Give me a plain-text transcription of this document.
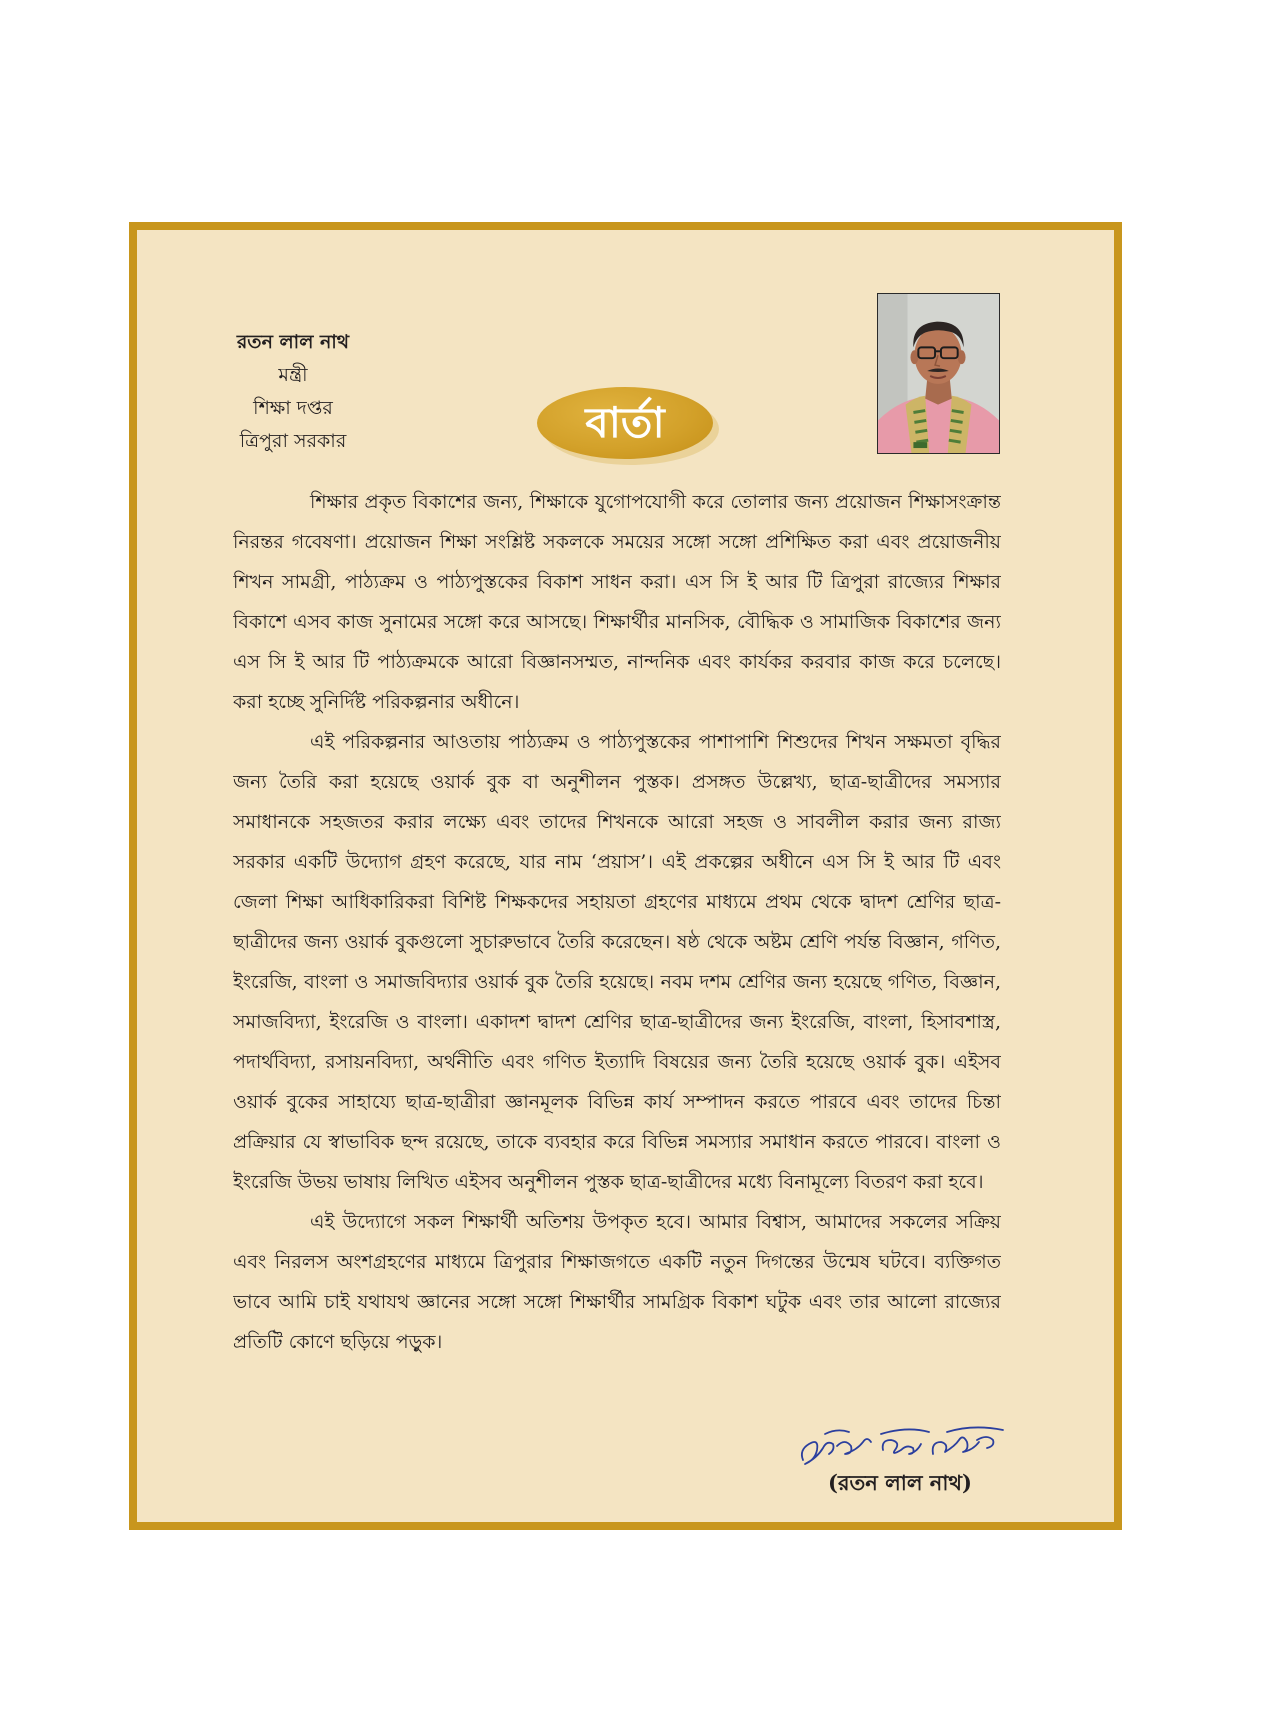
রতন লাল নাথ
মন্ত্রী
শিক্ষা দপ্তর
ত্রিপুরা সরকার	বার্তা

শিক্ষার প্রকৃত বিকাশের জন্য, শিক্ষাকে যুগোপযোগী করে তোলার জন্য প্রয়োজন শিক্ষাসংক্রান্ত নিরন্তর গবেষণা। প্রয়োজন শিক্ষা সংশ্লিষ্ট সকলকে সময়ের সঙ্গো সঙ্গো প্রশিক্ষিত করা এবং প্রয়োজনীয় শিখন সামগ্রী, পাঠ্যক্রম ও পাঠ্যপুস্তকের বিকাশ সাধন করা। এস সি ই আর টি ত্রিপুরা রাজ্যের শিক্ষার বিকাশে এসব কাজ সুনামের সঙ্গো করে আসছে। শিক্ষার্থীর মানসিক, বৌদ্ধিক ও সামাজিক বিকাশের জন্য এস সি ই আর টি পাঠ্যক্রমকে আরো বিজ্ঞানসম্মত, নান্দনিক এবং কার্যকর করবার কাজ করে চলেছে। করা হচ্ছে সুনির্দিষ্ট পরিকল্পনার অধীনে।

এই পরিকল্পনার আওতায় পাঠ্যক্রম ও পাঠ্যপুস্তকের পাশাপাশি শিশুদের শিখন সক্ষমতা বৃদ্ধির জন্য তৈরি করা হয়েছে ওয়ার্ক বুক বা অনুশীলন পুস্তক। প্রসঙ্গত উল্লেখ্য, ছাত্র-ছাত্রীদের সমস্যার সমাধানকে সহজতর করার লক্ষ্যে এবং তাদের শিখনকে আরো সহজ ও সাবলীল করার জন্য রাজ্য সরকার একটি উদ্যোগ গ্রহণ করেছে, যার নাম ‘প্রয়াস’। এই প্রকল্পের অধীনে এস সি ই আর টি এবং জেলা শিক্ষা আধিকারিকরা বিশিষ্ট শিক্ষকদের সহায়তা গ্রহণের মাধ্যমে প্রথম থেকে দ্বাদশ শ্রেণির ছাত্র-ছাত্রীদের জন্য ওয়ার্ক বুকগুলো সুচারুভাবে তৈরি করেছেন। ষষ্ঠ থেকে অষ্টম শ্রেণি পর্যন্ত বিজ্ঞান, গণিত, ইংরেজি, বাংলা ও সমাজবিদ্যার ওয়ার্ক বুক তৈরি হয়েছে। নবম দশম শ্রেণির জন্য হয়েছে গণিত, বিজ্ঞান, সমাজবিদ্যা, ইংরেজি ও বাংলা। একাদশ দ্বাদশ শ্রেণির ছাত্র-ছাত্রীদের জন্য ইংরেজি, বাংলা, হিসাবশাস্ত্র, পদার্থবিদ্যা, রসায়নবিদ্যা, অর্থনীতি এবং গণিত ইত্যাদি বিষয়ের জন্য তৈরি হয়েছে ওয়ার্ক বুক। এইসব ওয়ার্ক বুকের সাহায্যে ছাত্র-ছাত্রীরা জ্ঞানমূলক বিভিন্ন কার্য সম্পাদন করতে পারবে এবং তাদের চিন্তা প্রক্রিয়ার যে স্বাভাবিক ছন্দ রয়েছে, তাকে ব্যবহার করে বিভিন্ন সমস্যার সমাধান করতে পারবে। বাংলা ও ইংরেজি উভয় ভাষায় লিখিত এইসব অনুশীলন পুস্তক ছাত্র-ছাত্রীদের মধ্যে বিনামূল্যে বিতরণ করা হবে।

এই উদ্যোগে সকল শিক্ষার্থী অতিশয় উপকৃত হবে। আমার বিশ্বাস, আমাদের সকলের সক্রিয় এবং নিরলস অংশগ্রহণের মাধ্যমে ত্রিপুরার শিক্ষাজগতে একটি নতুন দিগন্তের উন্মেষ ঘটবে। ব্যক্তিগত ভাবে আমি চাই যথাযথ জ্ঞানের সঙ্গো সঙ্গো শিক্ষার্থীর সামগ্রিক বিকাশ ঘটুক এবং তার আলো রাজ্যের প্রতিটি কোণে ছড়িয়ে পড়ুক।

(রতন লাল নাথ)
